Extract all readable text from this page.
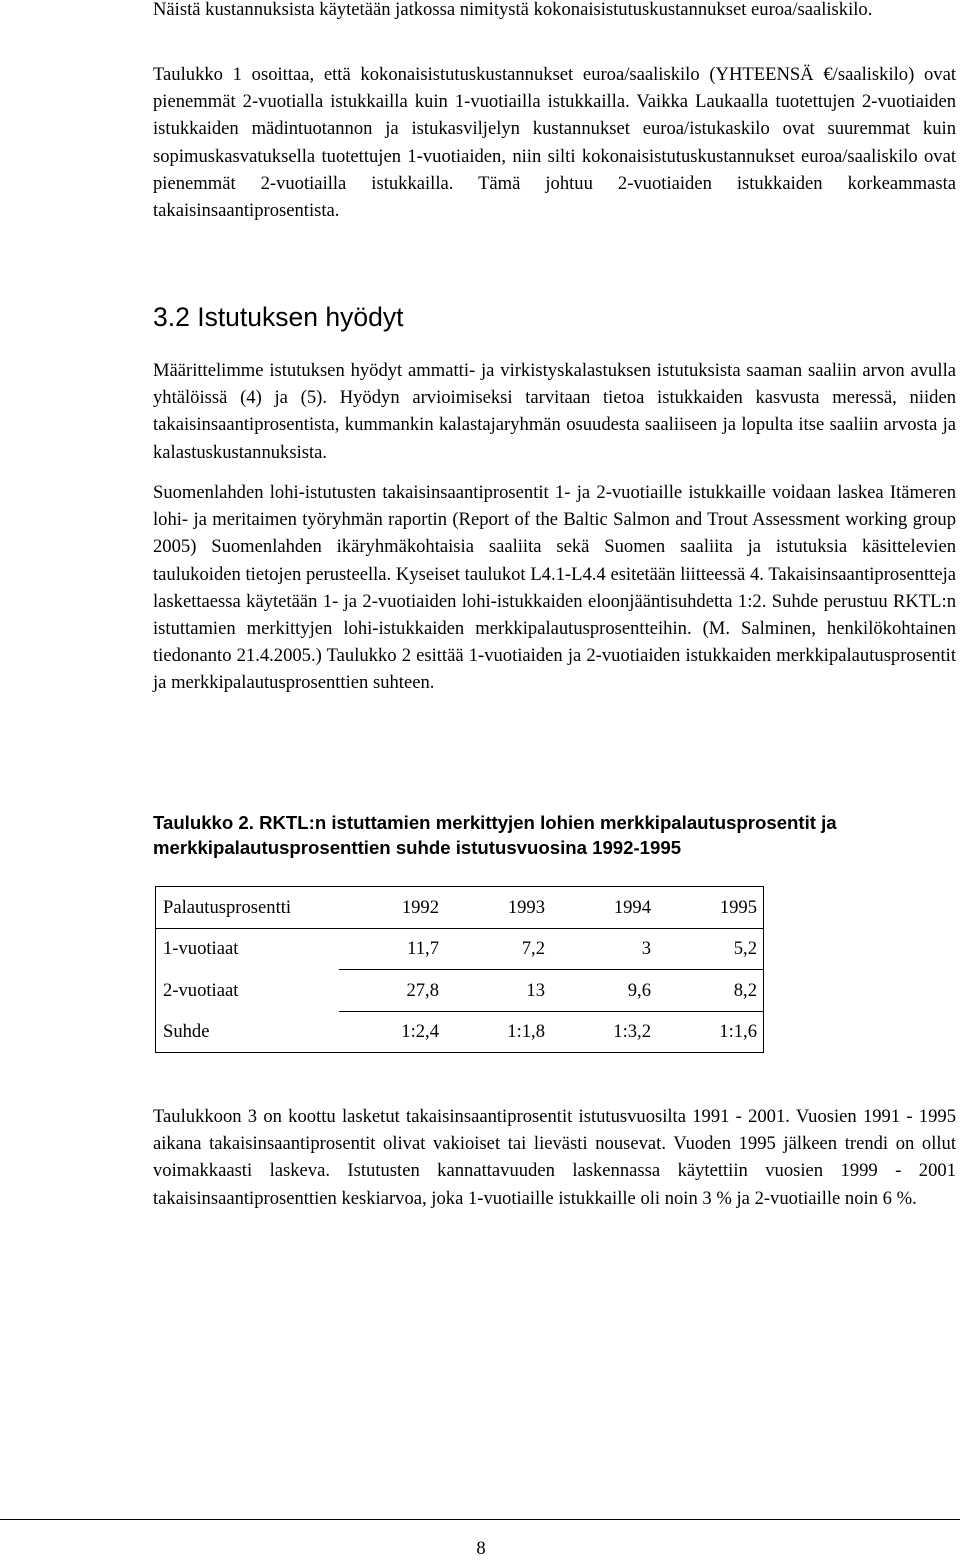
Näistä kustannuksista käytetään jatkossa nimitystä kokonaisistutuskustannukset euroa/saaliskilo.

Taulukko 1 osoittaa, että kokonaisistutuskustannukset euroa/saaliskilo (YHTEENSÄ €/saaliskilo) ovat pienemmät 2-vuotialla istukkailla kuin 1-vuotiailla istukkailla. Vaikka Laukaalla tuotettujen 2-vuotiaiden istukkaiden mädintuotannon ja istukasviljelyn kustannukset euroa/istukaskilo ovat suuremmat kuin sopimuskasvatuksella tuotettujen 1-vuotiaiden, niin silti kokonaisistutuskustannukset euroa/saaliskilo ovat pienemmät 2-vuotiailla istukkailla. Tämä johtuu 2-vuotiaiden istukkaiden korkeammasta takaisinsaantiprosentista.

3.2 Istutuksen hyödyt

Määrittelimme istutuksen hyödyt ammatti- ja virkistyskalastuksen istutuksista saaman saaliin arvon avulla yhtälöissä (4) ja (5). Hyödyn arvioimiseksi tarvitaan tietoa istukkaiden kasvusta meressä, niiden takaisinsaantiprosentista, kummankin kalastajaryhmän osuudesta saaliiseen ja lopulta itse saaliin arvosta ja kalastuskustannuksista.

Suomenlahden lohi-istutusten takaisinsaantiprosentit 1- ja 2-vuotiaille istukkaille voidaan laskea Itämeren lohi- ja meritaimen työryhmän raportin (Report of the Baltic Salmon and Trout Assessment working group 2005) Suomenlahden ikäryhmäkohtaisia saaliita sekä Suomen saaliita ja istutuksia käsittelevien taulukoiden tietojen perusteella. Kyseiset taulukot L4.1-L4.4 esitetään liitteessä 4. Takaisinsaantiprosentteja laskettaessa käytetään 1- ja 2-vuotiaiden lohi-istukkaiden eloonjääntisuhdetta 1:2. Suhde perustuu RKTL:n istuttamien merkittyjen lohi-istukkaiden merkkipalautusprosentteihin. (M. Salminen, henkilökohtainen tiedonanto 21.4.2005.) Taulukko 2 esittää 1-vuotiaiden ja 2-vuotiaiden istukkaiden merkkipalautusprosentit ja merkkipalautusprosenttien suhteen.

Taulukko 2. RKTL:n istuttamien merkittyjen lohien merkkipalautusprosentit ja merkkipalautusprosenttien suhde istutusvuosina 1992-1995

Palautusprosentti	1992	1993	1994	1995
1-vuotiaat	11,7	7,2	3	5,2
2-vuotiaat	27,8	13	9,6	8,2
Suhde	1:2,4	1:1,8	1:3,2	1:1,6

Taulukkoon 3 on koottu lasketut takaisinsaantiprosentit istutusvuosilta 1991 - 2001. Vuosien 1991 - 1995 aikana takaisinsaantiprosentit olivat vakioiset tai lievästi nousevat. Vuoden 1995 jälkeen trendi on ollut voimakkaasti laskeva. Istutusten kannattavuuden laskennassa käytettiin vuosien 1999 - 2001 takaisinsaantiprosenttien keskiarvoa, joka 1-vuotiaille istukkaille oli noin 3 % ja 2-vuotiaille noin 6 %.

8
